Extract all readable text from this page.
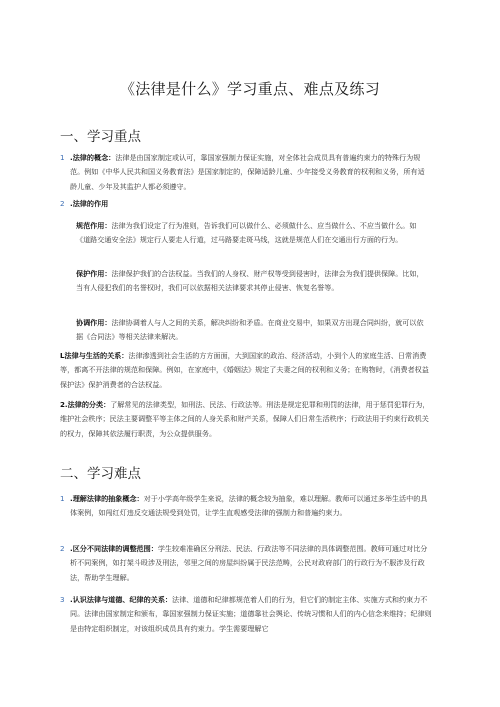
《法律是什么》学习重点、难点及练习
一、学习重点
1 .法律的概念：法律是由国家制定或认可，靠国家强制力保证实施，对全体社会成员具有普遍约束力的特殊行为规范。例如《中华人民共和国义务教育法》是国家制定的，保障适龄儿童、少年接受义务教育的权利和义务，所有适龄儿童、少年及其监护人都必须遵守。
2 .法律的作用
规范作用：法律为我们设定了行为准则，告诉我们可以做什么、必须做什么、应当做什么、不应当做什么。如《道路交通安全法》规定行人要走人行道，过马路要走斑马线，这就是规范人们在交通出行方面的行为。
保护作用：法律保护我们的合法权益。当我们的人身权、财产权等受到侵害时，法律会为我们提供保障。比如，当有人侵犯我们的名誉权时，我们可以依据相关法律要求其停止侵害、恢复名誉等。
协调作用：法律协调着人与人之间的关系，解决纠纷和矛盾。在商业交易中，如果双方出现合同纠纷，就可以依据《合同法》等相关法律来解决。
L法律与生活的关系：法律渗透到社会生活的方方面面，大到国家的政治、经济活动，小到个人的家庭生活、日常消费等，都离不开法律的规范和保障。例如，在家庭中，《婚姻法》规定了夫妻之间的权利和义务；在购物时，《消费者权益保护法》保护消费者的合法权益。
2.法律的分类：了解常见的法律类型，如刑法、民法、行政法等。刑法是规定犯罪和刑罚的法律，用于惩罚犯罪行为，维护社会秩序；民法主要调整平等主体之间的人身关系和财产关系，保障人们日常生活秩序；行政法用于约束行政机关的权力，保障其依法履行职责，为公众提供服务。
二、学习难点
1 .理解法律的抽象概念：对于小学高年级学生来说，法律的概念较为抽象，难以理解。教师可以通过多举生活中的具体案例，如闯红灯违反交通法规受到处罚，让学生直观感受法律的强制力和普遍约束力。
2 .区分不同法律的调整范围：学生较难准确区分刑法、民法、行政法等不同法律的具体调整范围。教师可通过对比分析不同案例，如打架斗殴涉及刑法，邻里之间的房屋纠纷属于民法范畴，公民对政府部门的行政行为不服涉及行政法，帮助学生理解。
3 .认识法律与道德、纪律的关系：法律、道德和纪律都规范着人们的行为，但它们的制定主体、实施方式和约束力不同。法律由国家制定和颁布，靠国家强制力保证实施；道德靠社会舆论、传统习惯和人们的内心信念来维持；纪律则是由特定组织制定，对该组织成员具有约束力。学生需要理解它
